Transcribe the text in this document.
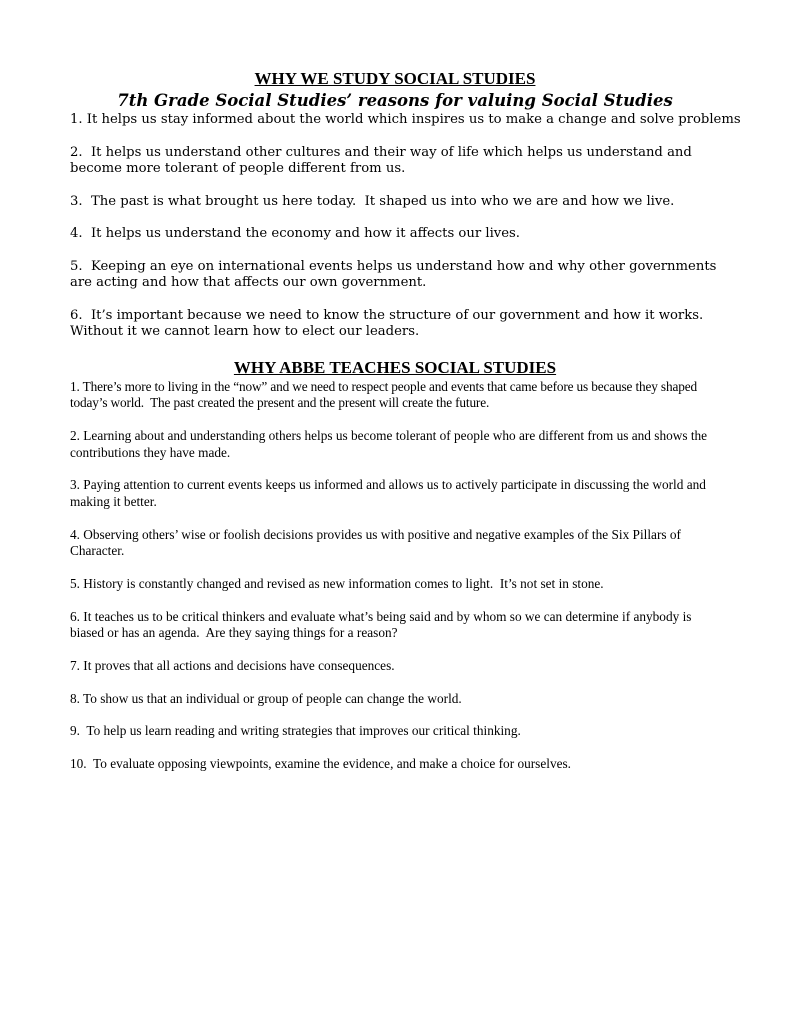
WHY WE STUDY SOCIAL STUDIES
7th Grade Social Studies’ reasons for valuing Social Studies
1. It helps us stay informed about the world which inspires us to make a change and solve problems
2.  It helps us understand other cultures and their way of life which helps us understand and become more tolerant of people different from us.
3.  The past is what brought us here today.  It shaped us into who we are and how we live.
4.  It helps us understand the economy and how it affects our lives.
5.  Keeping an eye on international events helps us understand how and why other governments are acting and how that affects our own government.
6.  It’s important because we need to know the structure of our government and how it works.  Without it we cannot learn how to elect our leaders.
WHY ABBE TEACHES SOCIAL STUDIES
1. There’s more to living in the “now” and we need to respect people and events that came before us because they shaped today’s world.  The past created the present and the present will create the future.
2. Learning about and understanding others helps us become tolerant of people who are different from us and shows the contributions they have made.
3. Paying attention to current events keeps us informed and allows us to actively participate in discussing the world and making it better.
4. Observing others’ wise or foolish decisions provides us with positive and negative examples of the Six Pillars of Character.
5. History is constantly changed and revised as new information comes to light.  It’s not set in stone.
6. It teaches us to be critical thinkers and evaluate what’s being said and by whom so we can determine if anybody is biased or has an agenda.  Are they saying things for a reason?
7. It proves that all actions and decisions have consequences.
8. To show us that an individual or group of people can change the world.
9.  To help us learn reading and writing strategies that improves our critical thinking.
10.  To evaluate opposing viewpoints, examine the evidence, and make a choice for ourselves.
